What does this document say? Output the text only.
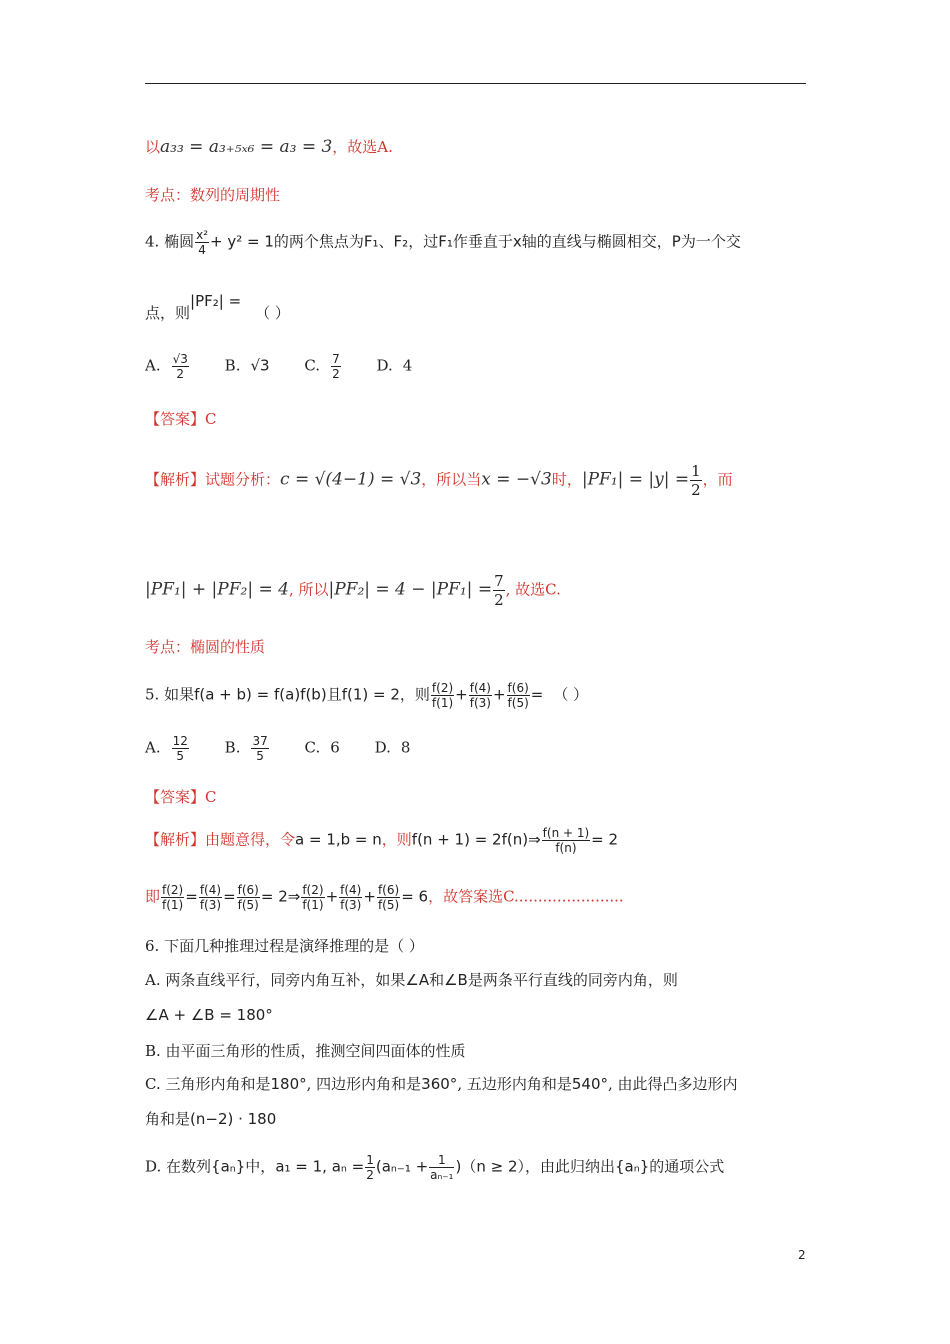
以a₃₃ = a₃₊₅ₓ₆ = a₃ = 3，故选A.
考点：数列的周期性
4. 椭圆 $\frac{\text{x²}}{4} + y^2 = 1$的两个焦点为F₁、F₂，过F₁作垂直于x轴的直线与椭圆相交，P为一个交
点，则|PF₂| =（ ）
A. $\frac{√3}{2} B$. √3 C. $\frac{7}{2} D$. 4
【答案】C
【解析】试题分析：c = √(4−1) = √3，所以当x = −√3时，$|PF_1| = |y| = \frac{1}{2}$ ，而
|PF₁| + |PF₂| = 4, 所以$|PF_2| = 4 - |PF_1| = \frac{7}{2}$ , 故选C.
考点：椭圆的性质
5. 如果f(a + b) = f(a)f(b)且f(1) = 2，则 $\frac{f(2)}{f(1)} + \frac{f(4)}{f(3)} + \frac{f(6)}{f(5)}$ = （ ）
A. $\frac{12}{5} B$. $\frac{37}{5} C$. 6 D. 8
【答案】C
【解析】由题意得，令a = 1,b = n，则f(n + 1) = 2f(n)⇒ $\frac{f(n + 1)}{f(n)} = 2$
即 $\frac{f(2)}{f(1)} = \frac{f(4)}{f(3)} = \frac{f(6)}{f(5)}$ = 2⇒ $\frac{f(2)}{f(1)} + \frac{f(4)}{f(3)} + \frac{f(6)}{f(5)} = 6$，故答案选C.......................
6. 下面几种推理过程是演绎推理的是（ ）
A. 两条直线平行，同旁内角互补，如果∠A和∠B是两条平行直线的同旁内角，则
∠A + ∠B = 180°
B. 由平面三角形的性质，推测空间四面体的性质
C. 三角形内角和是180°, 四边形内角和是360°, 五边形内角和是540°, 由此得凸多边形内
角和是(n−2) · 180
D. 在数列{aₙ}中，a₁ = 1, $a_n = \frac{1}{2} (a_{n-1} + \frac{1}{\text{aₙ₋₁}} )(n \ge 2)$，由此归纳出{aₙ}的通项公式
2
